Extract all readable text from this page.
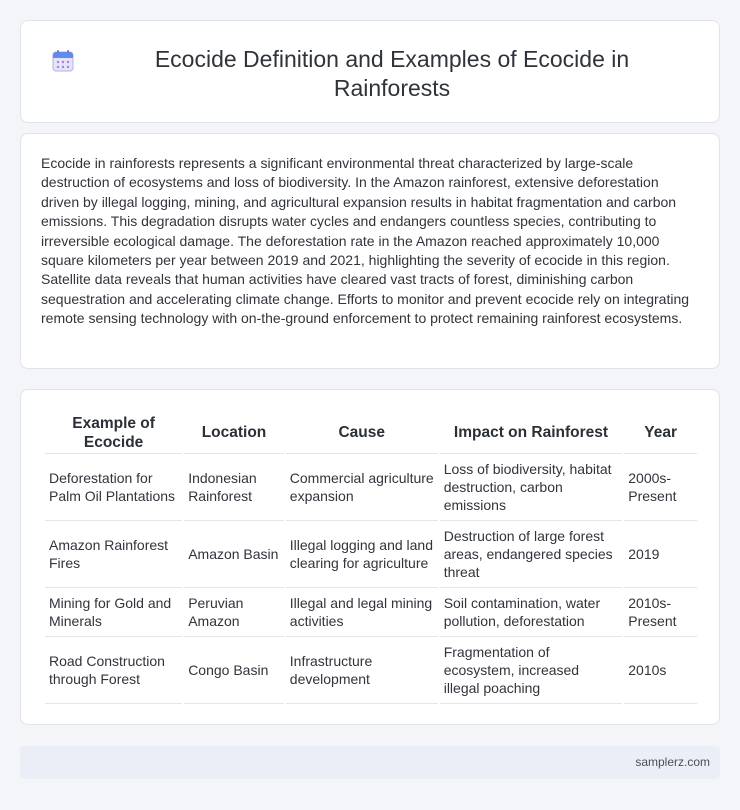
Ecocide Definition and Examples of Ecocide in Rainforests

Ecocide in rainforests represents a significant environmental threat characterized by large-scale destruction of ecosystems and loss of biodiversity. In the Amazon rainforest, extensive deforestation driven by illegal logging, mining, and agricultural expansion results in habitat fragmentation and carbon emissions. This degradation disrupts water cycles and endangers countless species, contributing to irreversible ecological damage. The deforestation rate in the Amazon reached approximately 10,000 square kilometers per year between 2019 and 2021, highlighting the severity of ecocide in this region. Satellite data reveals that human activities have cleared vast tracts of forest, diminishing carbon sequestration and accelerating climate change. Efforts to monitor and prevent ecocide rely on integrating remote sensing technology with on-the-ground enforcement to protect remaining rainforest ecosystems.

Example of Ecocide	Location	Cause	Impact on Rainforest	Year
Deforestation for Palm Oil Plantations	Indonesian Rainforest	Commercial agriculture expansion	Loss of biodiversity, habitat destruction, carbon emissions	2000s-Present
Amazon Rainforest Fires	Amazon Basin	Illegal logging and land clearing for agriculture	Destruction of large forest areas, endangered species threat	2019
Mining for Gold and Minerals	Peruvian Amazon	Illegal and legal mining activities	Soil contamination, water pollution, deforestation	2010s-Present
Road Construction through Forest	Congo Basin	Infrastructure development	Fragmentation of ecosystem, increased illegal poaching	2010s
samplerz.com
